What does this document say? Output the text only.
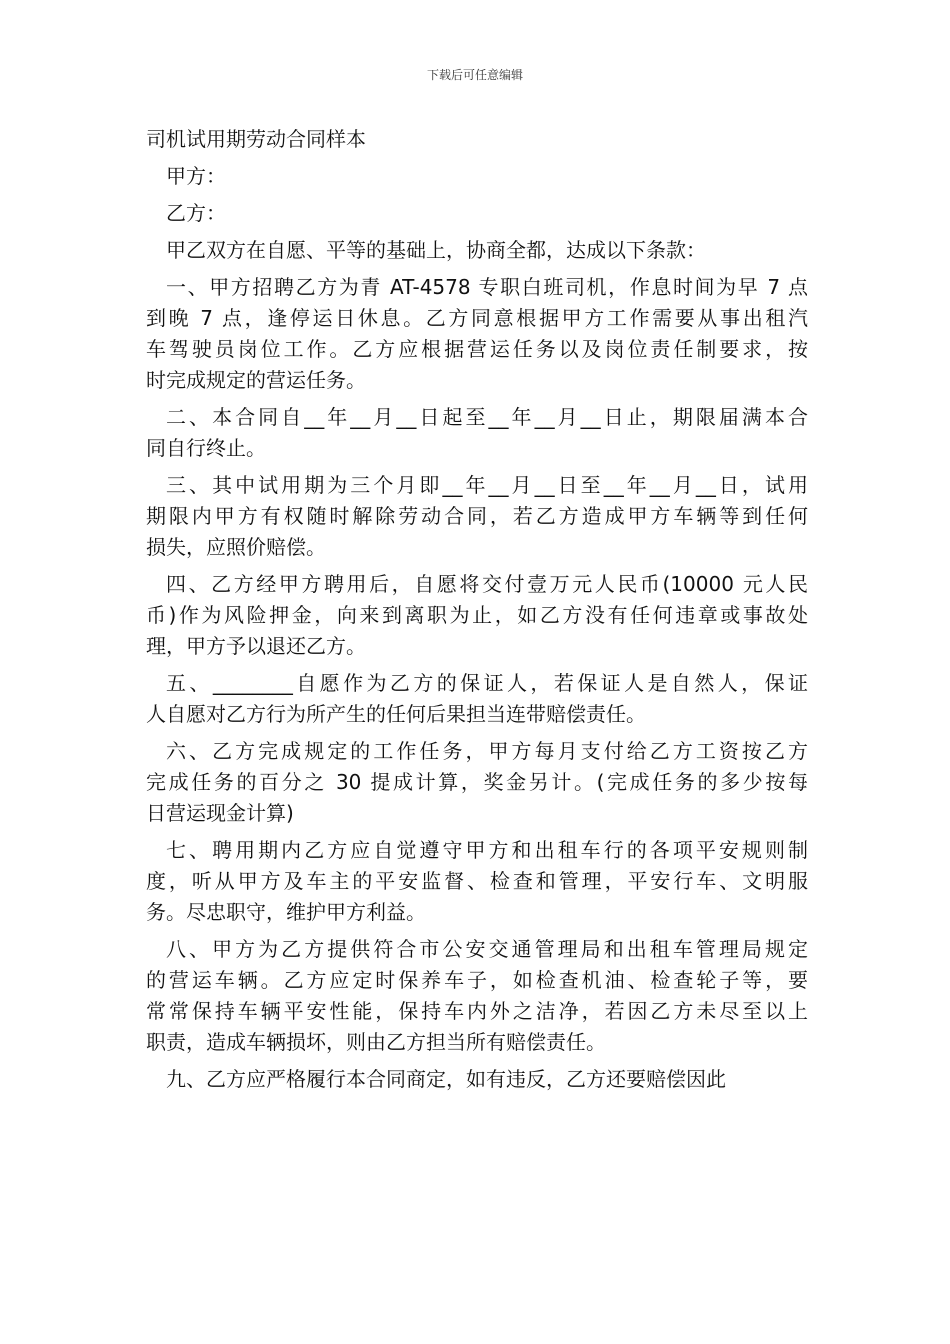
下载后可任意编辑
司机试用期劳动合同样本
甲方：
乙方：
甲乙双方在自愿、平等的基础上，协商全都，达成以下条款：
一、甲方招聘乙方为青 AT-4578 专职白班司机，作息时间为早 7 点
到晚 7 点，逢停运日休息。乙方同意根据甲方工作需要从事出租汽
车驾驶员岗位工作。乙方应根据营运任务以及岗位责任制要求，按
时完成规定的营运任务。
二、本合同自__年__月__日起至__年__月__日止，期限届满本合
同自行终止。
三、其中试用期为三个月即__年__月__日至__年__月__日，试用
期限内甲方有权随时解除劳动合同，若乙方造成甲方车辆等到任何
损失，应照价赔偿。
四、乙方经甲方聘用后，自愿将交付壹万元人民币(10000 元人民
币)作为风险押金，向来到离职为止，如乙方没有任何违章或事故处
理，甲方予以退还乙方。
五、________自愿作为乙方的保证人，若保证人是自然人，保证
人自愿对乙方行为所产生的任何后果担当连带赔偿责任。
六、乙方完成规定的工作任务，甲方每月支付给乙方工资按乙方
完成任务的百分之 30 提成计算，奖金另计。(完成任务的多少按每
日营运现金计算)
七、聘用期内乙方应自觉遵守甲方和出租车行的各项平安规则制
度，听从甲方及车主的平安监督、检查和管理，平安行车、文明服
务。尽忠职守，维护甲方利益。
八、甲方为乙方提供符合市公安交通管理局和出租车管理局规定
的营运车辆。乙方应定时保养车子，如检查机油、检查轮子等，要
常常保持车辆平安性能，保持车内外之洁净，若因乙方未尽至以上
职责，造成车辆损坏，则由乙方担当所有赔偿责任。
九、乙方应严格履行本合同商定，如有违反，乙方还要赔偿因此
